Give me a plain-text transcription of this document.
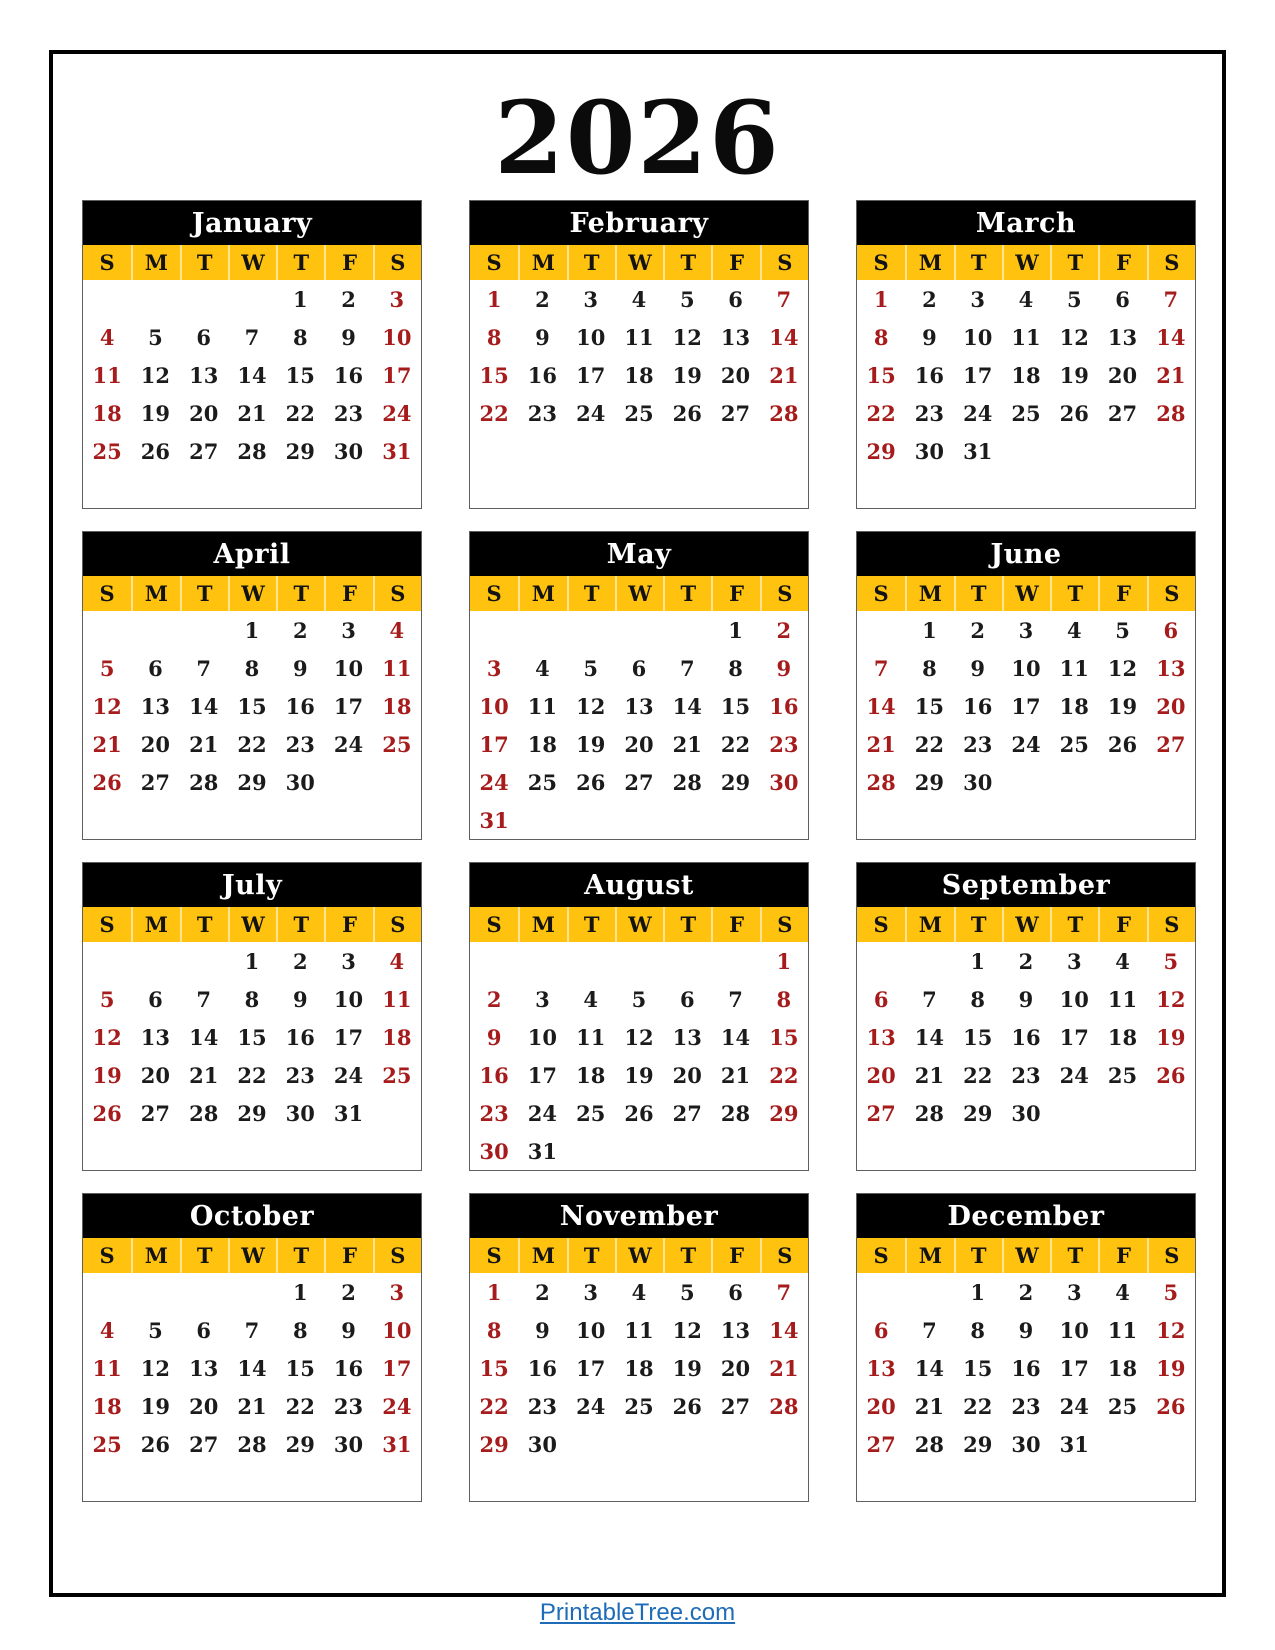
2026
January						
S	M	T	W	T	F	S
				1	2	3
4	5	6	7	8	9	10
11	12	13	14	15	16	17
18	19	20	21	22	23	24
25	26	27	28	29	30	31

February						
S	M	T	W	T	F	S
1	2	3	4	5	6	7
8	9	10	11	12	13	14
15	16	17	18	19	20	21
22	23	24	25	26	27	28

March						
S	M	T	W	T	F	S
1	2	3	4	5	6	7
8	9	10	11	12	13	14
15	16	17	18	19	20	21
22	23	24	25	26	27	28
29	30	31				

April						
S	M	T	W	T	F	S
			1	2	3	4
5	6	7	8	9	10	11
12	13	14	15	16	17	18
21	20	21	22	23	24	25
26	27	28	29	30		

May						
S	M	T	W	T	F	S
					1	2
3	4	5	6	7	8	9
10	11	12	13	14	15	16
17	18	19	20	21	22	23
24	25	26	27	28	29	30
31						
June						
S	M	T	W	T	F	S
	1	2	3	4	5	6
7	8	9	10	11	12	13
14	15	16	17	18	19	20
21	22	23	24	25	26	27
28	29	30				

July						
S	M	T	W	T	F	S
			1	2	3	4
5	6	7	8	9	10	11
12	13	14	15	16	17	18
19	20	21	22	23	24	25
26	27	28	29	30	31	

August						
S	M	T	W	T	F	S
						1
2	3	4	5	6	7	8
9	10	11	12	13	14	15
16	17	18	19	20	21	22
23	24	25	26	27	28	29
30	31					
September						
S	M	T	W	T	F	S
		1	2	3	4	5
6	7	8	9	10	11	12
13	14	15	16	17	18	19
20	21	22	23	24	25	26
27	28	29	30			

October						
S	M	T	W	T	F	S
				1	2	3
4	5	6	7	8	9	10
11	12	13	14	15	16	17
18	19	20	21	22	23	24
25	26	27	28	29	30	31

November						
S	M	T	W	T	F	S
1	2	3	4	5	6	7
8	9	10	11	12	13	14
15	16	17	18	19	20	21
22	23	24	25	26	27	28
29	30					

December						
S	M	T	W	T	F	S
		1	2	3	4	5
6	7	8	9	10	11	12
13	14	15	16	17	18	19
20	21	22	23	24	25	26
27	28	29	30	31		

PrintableTree.com
